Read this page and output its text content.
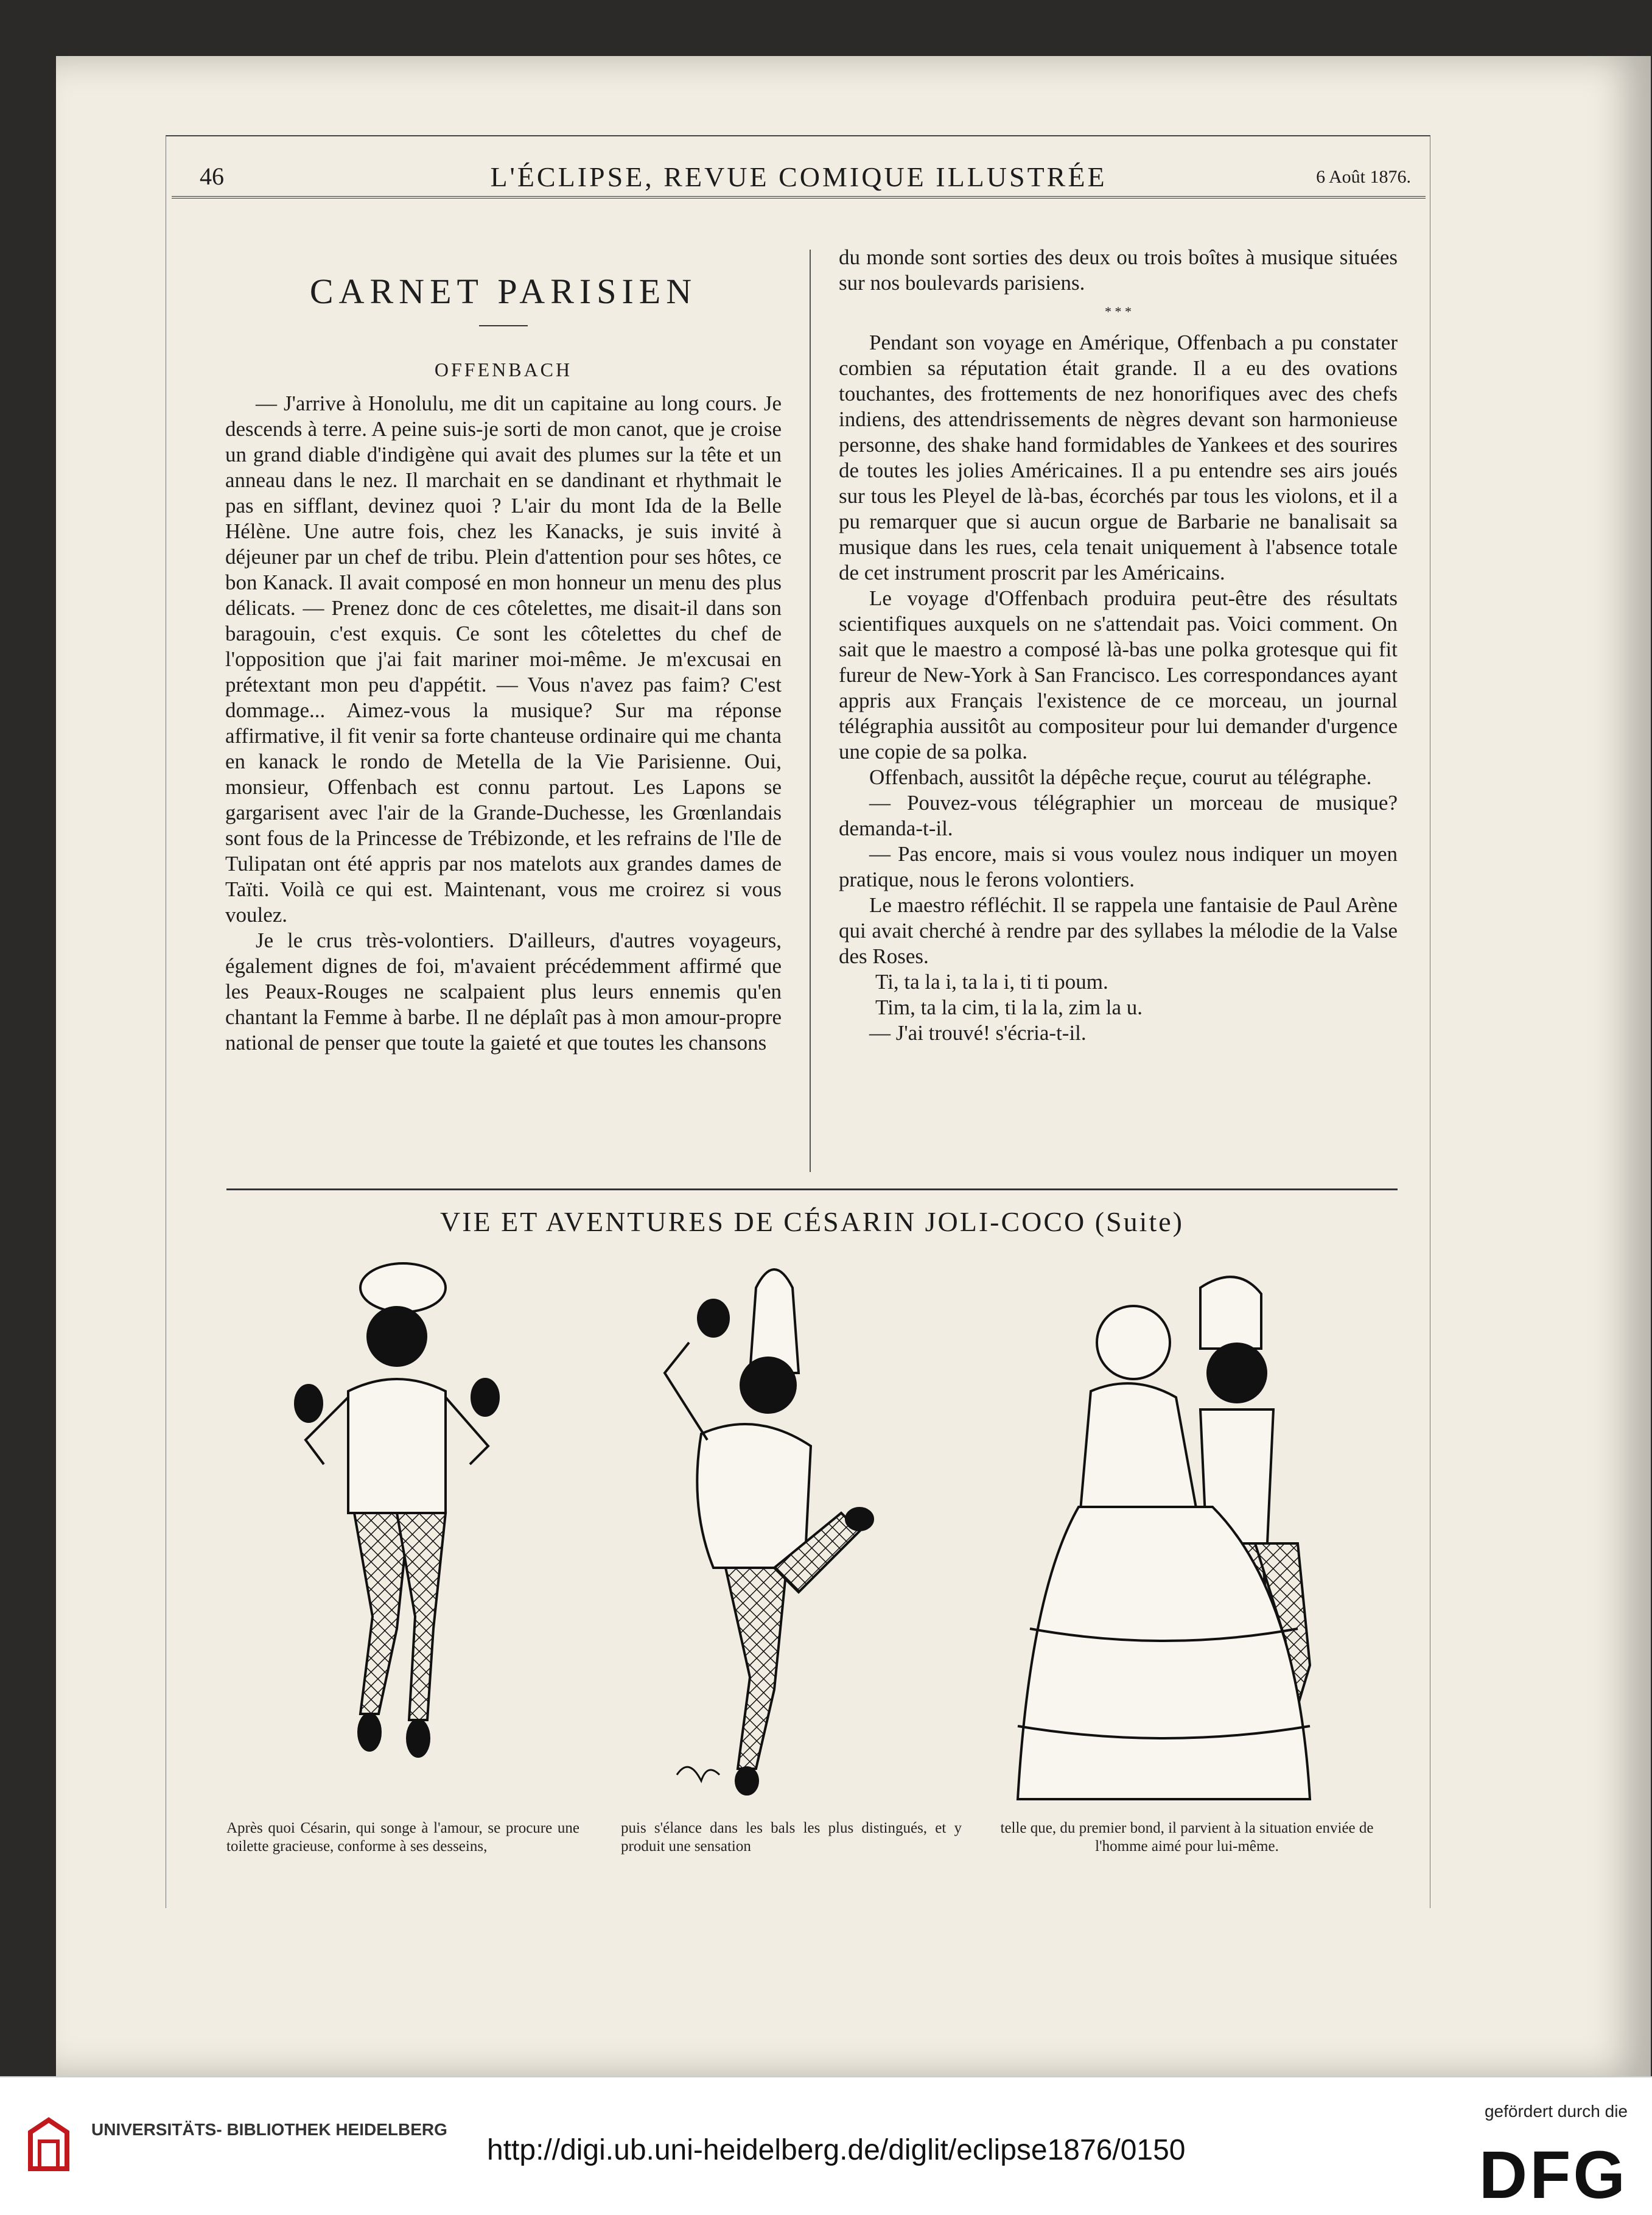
46	L'ÉCLIPSE, REVUE COMIQUE ILLUSTRÉE	6 Août 1876.

CARNET PARISIEN

OFFENBACH

— J'arrive à Honolulu, me dit un capitaine au long cours. Je descends à terre. A peine suis-je sorti de mon canot, que je croise un grand diable d'indigène qui avait des plumes sur la tête et un anneau dans le nez. Il marchait en se dandinant et rhythmait le pas en sifflant, devinez quoi ? L'air du mont Ida de la Belle Hélène. Une autre fois, chez les Kanacks, je suis invité à déjeuner par un chef de tribu. Plein d'attention pour ses hôtes, ce bon Kanack. Il avait composé en mon honneur un menu des plus délicats. — Prenez donc de ces côtelettes, me disait-il dans son baragouin, c'est exquis. Ce sont les côtelettes du chef de l'opposition que j'ai fait mariner moi-même. Je m'excusai en prétextant mon peu d'appétit. — Vous n'avez pas faim? C'est dommage... Aimez-vous la musique? Sur ma réponse affirmative, il fit venir sa forte chanteuse ordinaire qui me chanta en kanack le rondo de Metella de la Vie Parisienne. Oui, monsieur, Offenbach est connu partout. Les Lapons se gargarisent avec l'air de la Grande-Duchesse, les Grœnlandais sont fous de la Princesse de Trébizonde, et les refrains de l'Ile de Tulipatan ont été appris par nos matelots aux grandes dames de Taïti. Voilà ce qui est. Maintenant, vous me croirez si vous voulez.

Je le crus très-volontiers. D'ailleurs, d'autres voyageurs, également dignes de foi, m'avaient précédemment affirmé que les Peaux-Rouges ne scalpaient plus leurs ennemis qu'en chantant la Femme à barbe. Il ne déplaît pas à mon amour-propre national de penser que toute la gaieté et que toutes les chansons

du monde sont sorties des deux ou trois boîtes à musique situées sur nos boulevards parisiens.

* * *

Pendant son voyage en Amérique, Offenbach a pu constater combien sa réputation était grande. Il a eu des ovations touchantes, des frottements de nez honorifiques avec des chefs indiens, des attendrissements de nègres devant son harmonieuse personne, des shake hand formidables de Yankees et des sourires de toutes les jolies Américaines. Il a pu entendre ses airs joués sur tous les Pleyel de là-bas, écorchés par tous les violons, et il a pu remarquer que si aucun orgue de Barbarie ne banalisait sa musique dans les rues, cela tenait uniquement à l'absence totale de cet instrument proscrit par les Américains.

Le voyage d'Offenbach produira peut-être des résultats scientifiques auxquels on ne s'attendait pas. Voici comment. On sait que le maestro a composé là-bas une polka grotesque qui fit fureur de New-York à San Francisco. Les correspondances ayant appris aux Français l'existence de ce morceau, un journal télégraphia aussitôt au compositeur pour lui demander d'urgence une copie de sa polka.

Offenbach, aussitôt la dépêche reçue, courut au télégraphe.

— Pouvez-vous télégraphier un morceau de musique? demanda-t-il.

— Pas encore, mais si vous voulez nous indiquer un moyen pratique, nous le ferons volontiers.

Le maestro réfléchit. Il se rappela une fantaisie de Paul Arène qui avait cherché à rendre par des syllabes la mélodie de la Valse des Roses.

Ti, ta la i, ta la i, ti ti poum.

Tim, ta la cim, ti la la, zim la u.

— J'ai trouvé! s'écria-t-il.

VIE ET AVENTURES DE CÉSARIN JOLI-COCO (Suite)
Après quoi Césarin, qui songe à l'amour, se procure une toilette gracieuse, conforme à ses desseins,
puis s'élance dans les bals les plus distingués, et y produit une sensation
telle que, du premier bond, il parvient à la situation enviée de l'homme aimé pour lui-même.
UNIVERSITÄTS- BIBLIOTHEK HEIDELBERG
http://digi.ub.uni-heidelberg.de/diglit/eclipse1876/0150
gefördert durch die
DFG
